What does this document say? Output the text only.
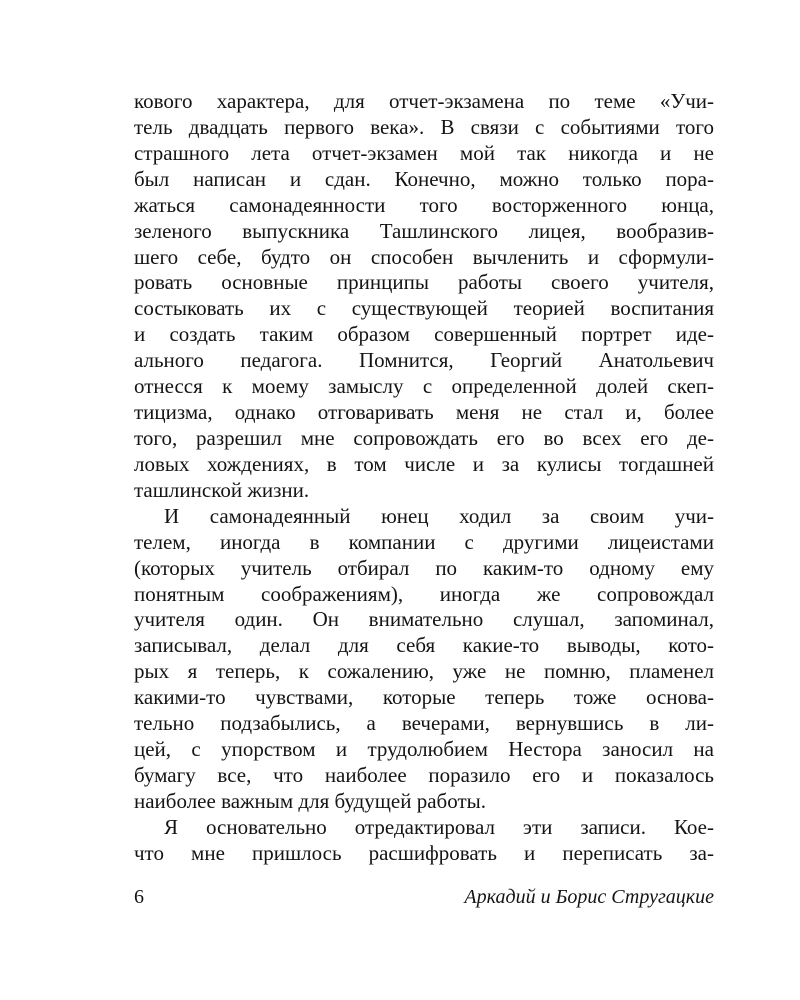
кового характера, для отчет-экзамена по теме «Учи-
тель двадцать первого века». В связи с событиями того
страшного лета отчет-экзамен мой так никогда и не
был написан и сдан. Конечно, можно только пора-
жаться самонадеянности того восторженного юнца,
зеленого выпускника Ташлинского лицея, вообразив-
шего себе, будто он способен вычленить и сформули-
ровать основные принципы работы своего учителя,
состыковать их с существующей теорией воспитания
и создать таким образом совершенный портрет иде-
ального педагога. Помнится, Георгий Анатольевич
отнесся к моему замыслу с определенной долей скеп-
тицизма, однако отговаривать меня не стал и, более
того, разрешил мне сопровождать его во всех его де-
ловых хождениях, в том числе и за кулисы тогдашней
ташлинской жизни.
И самонадеянный юнец ходил за своим учи-
телем, иногда в компании с другими лицеистами
(которых учитель отбирал по каким-то одному ему
понятным соображениям), иногда же сопровождал
учителя один. Он внимательно слушал, запоминал,
записывал, делал для себя какие-то выводы, кото-
рых я теперь, к сожалению, уже не помню, пламенел
какими-то чувствами, которые теперь тоже основа-
тельно подзабылись, а вечерами, вернувшись в ли-
цей, с упорством и трудолюбием Нестора заносил на
бумагу все, что наиболее поразило его и показалось
наиболее важным для будущей работы.
Я основательно отредактировал эти записи. Кое-
что мне пришлось расшифровать и переписать за-
6	Аркадий и Борис Стругацкие
